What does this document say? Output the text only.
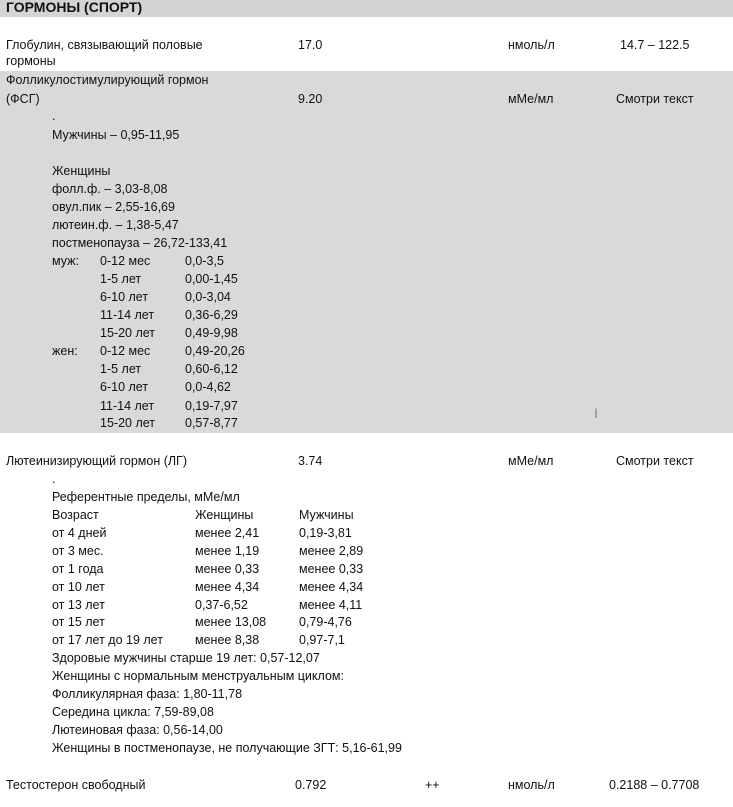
ГОРМОНЫ (СПОРТ)
Глобулин, связывающий половые
гормоны
17.0	нмоль/л	14.7 – 122.5
Фолликулостимулирующий гормон
(ФСГ)	9.20	мМе/мл	Смотри текст
.
Мужчины – 0,95-11,95
Женщины
фолл.ф. – 3,03-8,08
овул.пик – 2,55-16,69
лютеин.ф. – 1,38-5,47
постменопауза – 26,72-133,41
муж: 0-12 мес	0,0-3,5
1-5 лет	0,00-1,45
6-10 лет	0,0-3,04
11-14 лет 0,36-6,29
15-20 лет 0,49-9,98
жен: 0-12 мес	0,49-20,26
1-5 лет	0,60-6,12
6-10 лет	0,0-4,62
11-14 лет 0,19-7,97
15-20 лет 0,57-8,77
I
Лютеинизирующий гормон (ЛГ)	3.74	мМе/мл	Смотри текст
.
Референтные пределы, мМе/мл
Возраст	Женщины	Мужчины
от 4 дней	менее 2,41	0,19-3,81
от 3 мес.	менее 1,19	менее 2,89
от 1 года	менее 0,33	менее 0,33
от 10 лет	менее 4,34	менее 4,34
от 13 лет	0,37-6,52	менее 4,11
от 15 лет	менее 13,08	0,79-4,76
от 17 лет до 19 лет	менее 8,38	0,97-7,1
Здоровые мужчины старше 19 лет: 0,57-12,07
Женщины с нормальным менструальным циклом:
Фолликулярная фаза: 1,80-11,78
Середина цикла: 7,59-89,08
Лютеиновая фаза: 0,56-14,00
Женщины в постменопаузе, не получающие ЗГТ: 5,16-61,99
Тестостерон свободный	0.792	++	нмоль/л	0.2188 – 0.7708
